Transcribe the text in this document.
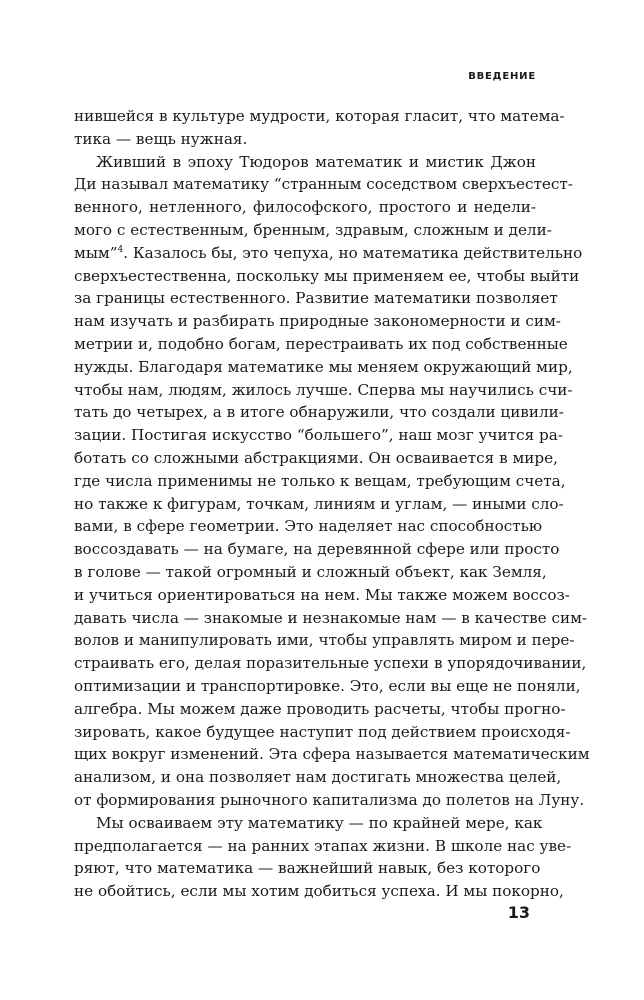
ВВЕДЕНИЕ
нившейся в культуре мудрости, которая гласит, что матема-
тика — вещь нужная.
Живший в эпоху Тюдоров математик и мистик Джон
Ди называл математику “странным соседством сверхъестест-
венного, нетленного, философского, простого и недели-
мого с естественным, бренным, здравым, сложным и дели-
мым”$^4$. Казалось бы, это чепуха, но математика действительно
сверхъестественна, поскольку мы применяем ее, чтобы выйти
за границы естественного. Развитие математики позволяет
нам изучать и разбирать природные закономерности и сим-
метрии и, подобно богам, перестраивать их под собственные
нужды. Благодаря математике мы меняем окружающий мир,
чтобы нам, людям, жилось лучше. Сперва мы научились счи-
тать до четырех, а в итоге обнаружили, что создали цивили-
зации. Постигая искусство “большего”, наш мозг учится ра-
ботать со сложными абстракциями. Он осваивается в мире,
где числа применимы не только к вещам, требующим счета,
но также к фигурам, точкам, линиям и углам, — иными сло-
вами, в сфере геометрии. Это наделяет нас способностью
воссоздавать — на бумаге, на деревянной сфере или просто
в голове — такой огромный и сложный объект, как Земля,
и учиться ориентироваться на нем. Мы также можем воссоз-
давать числа — знакомые и незнакомые нам — в качестве сим-
волов и манипулировать ими, чтобы управлять миром и пере-
страивать его, делая поразительные успехи в упорядочивании,
оптимизации и транспортировке. Это, если вы еще не поняли,
алгебра. Мы можем даже проводить расчеты, чтобы прогно-
зировать, какое будущее наступит под действием происходя-
щих вокруг изменений. Эта сфера называется математическим
анализом, и она позволяет нам достигать множества целей,
от формирования рыночного капитализма до полетов на Луну.
Мы осваиваем эту математику — по крайней мере, как
предполагается — на ранних этапах жизни. В школе нас уве-
ряют, что математика — важнейший навык, без которого
не обойтись, если мы хотим добиться успеха. И мы покорно,
13
